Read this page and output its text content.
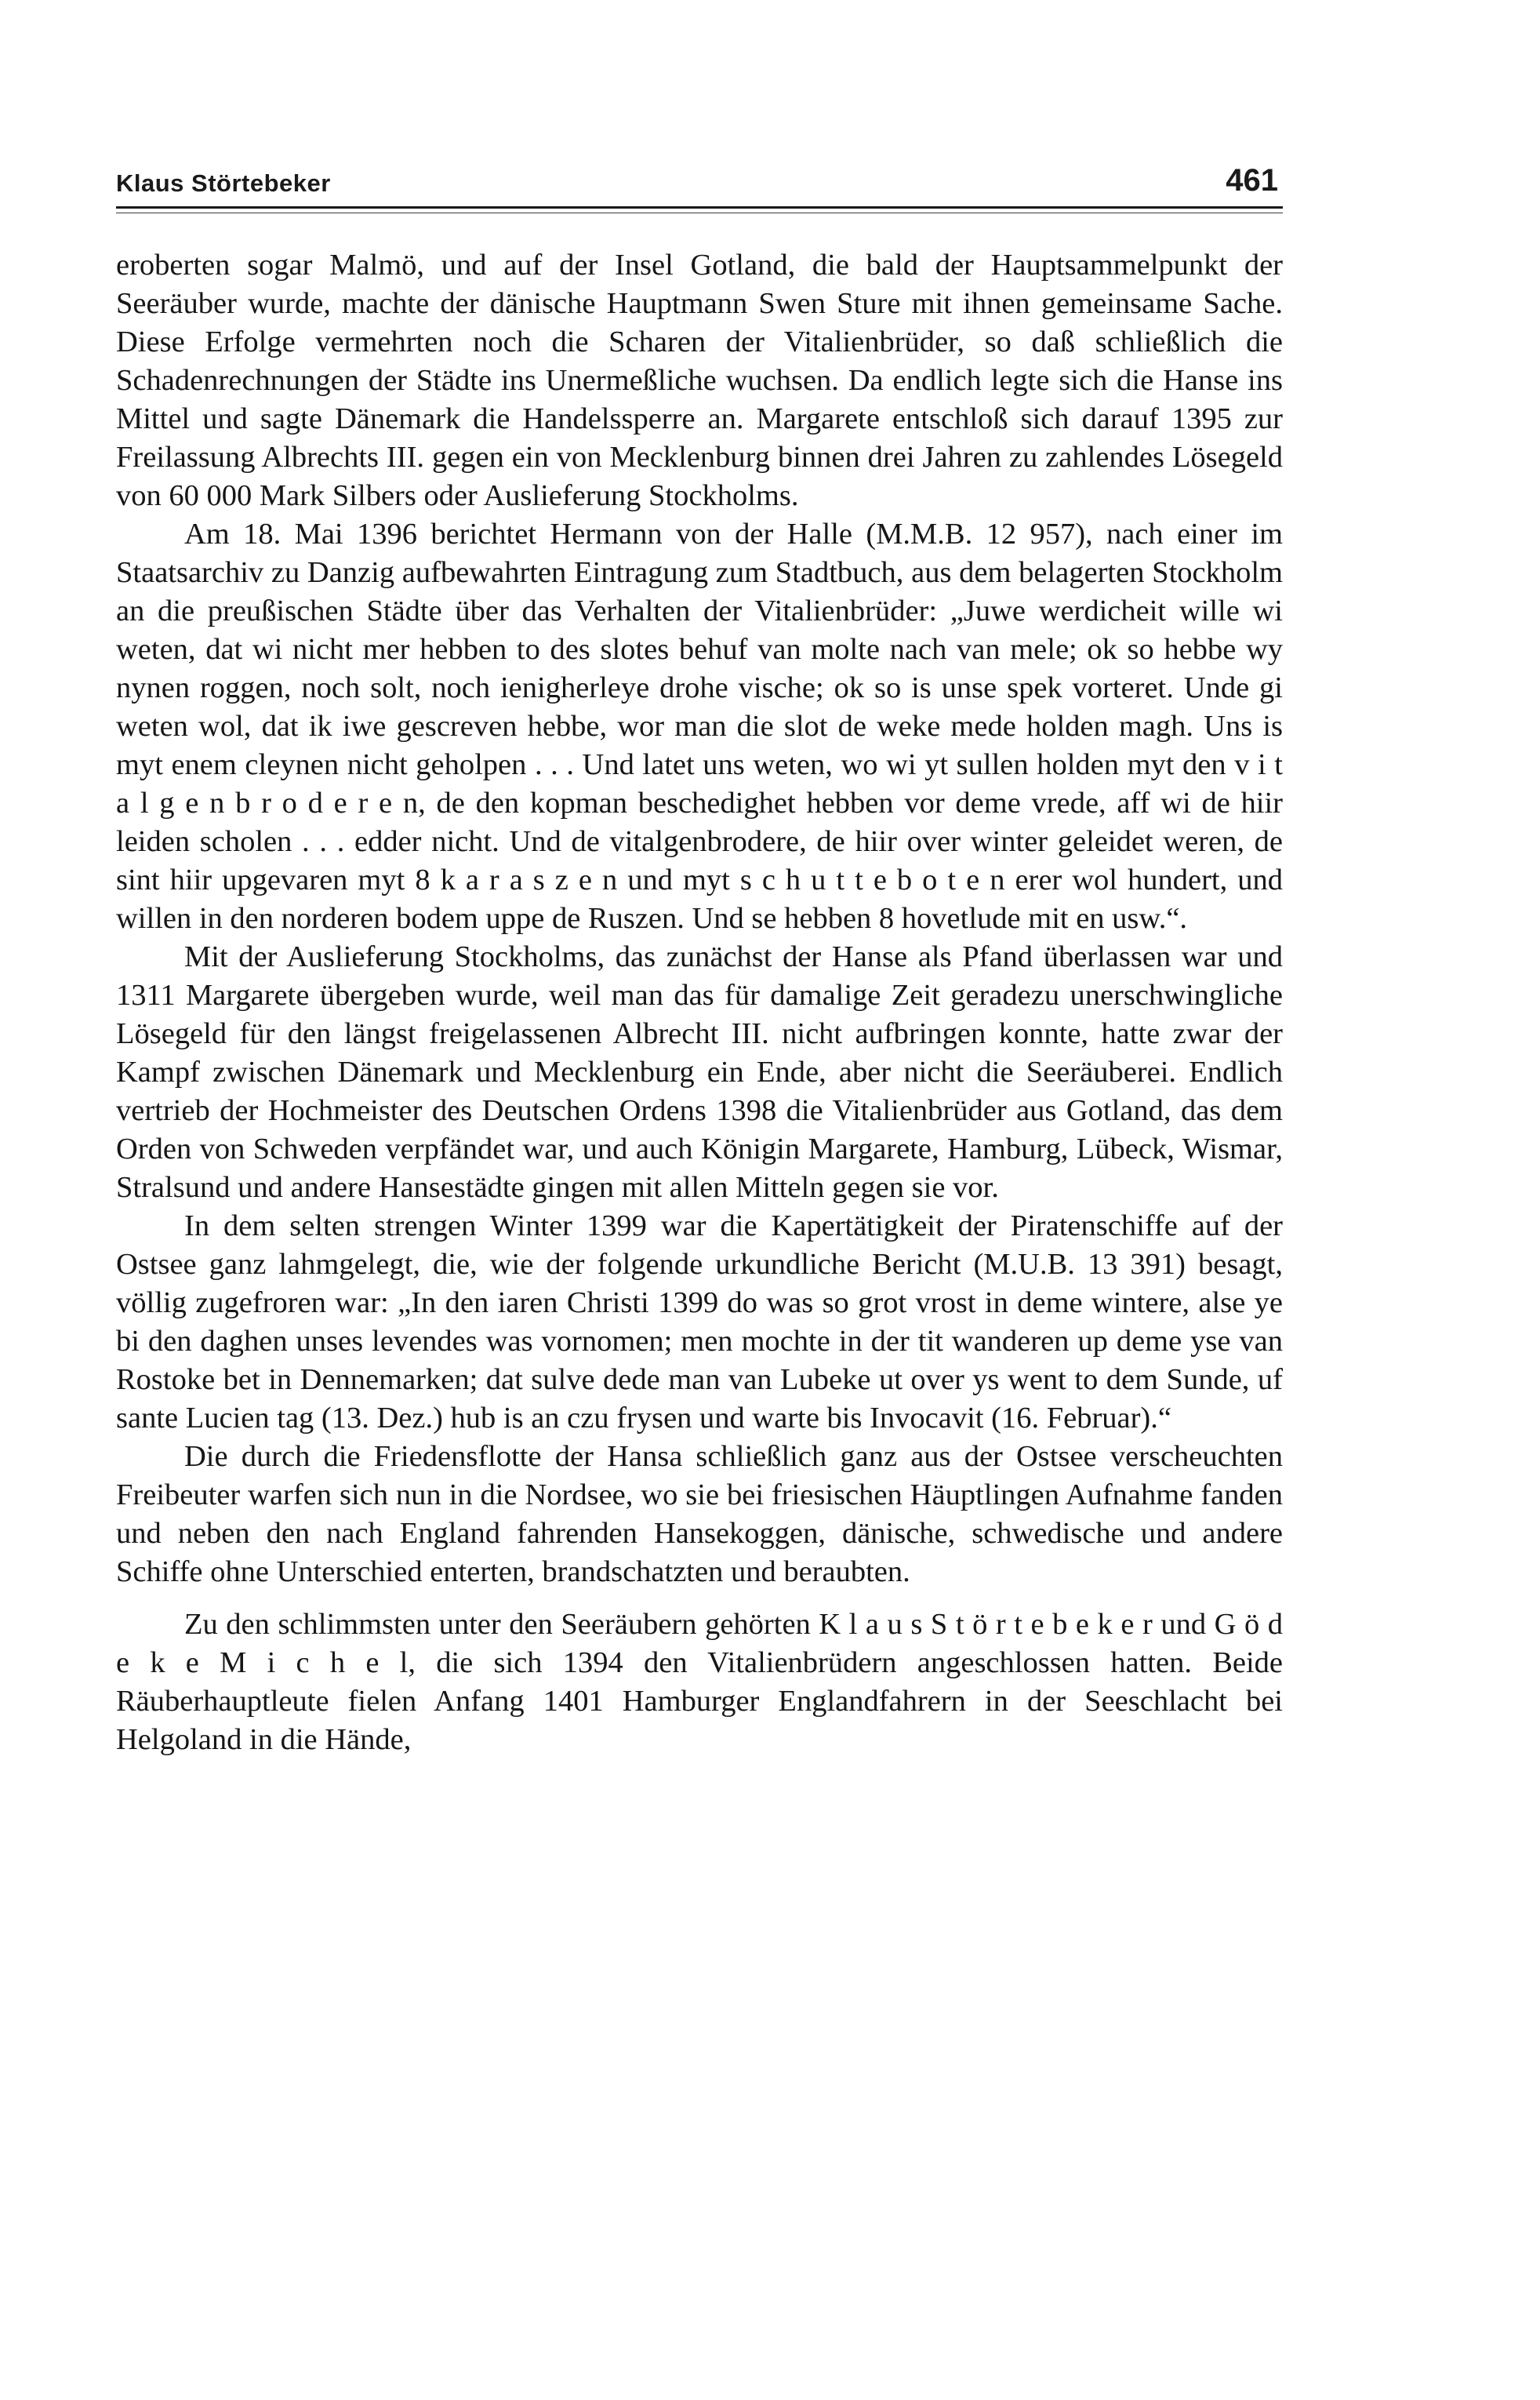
Klaus Störtebeker	461

eroberten sogar Malmö, und auf der Insel Gotland, die bald der Hauptsammelpunkt der Seeräuber wurde, machte der dänische Hauptmann Swen Sture mit ihnen gemeinsame Sache. Diese Erfolge vermehrten noch die Scharen der Vitalienbrüder, so daß schließlich die Schadenrechnungen der Städte ins Unermeßliche wuchsen. Da endlich legte sich die Hanse ins Mittel und sagte Dänemark die Handelssperre an. Margarete entschloß sich darauf 1395 zur Freilassung Albrechts III. gegen ein von Mecklenburg binnen drei Jahren zu zahlendes Lösegeld von 60 000 Mark Silbers oder Auslieferung Stockholms.

Am 18. Mai 1396 berichtet Hermann von der Halle (M.M.B. 12 957), nach einer im Staatsarchiv zu Danzig aufbewahrten Eintragung zum Stadtbuch, aus dem belagerten Stockholm an die preußischen Städte über das Verhalten der Vitalienbrüder: „Juwe werdicheit wille wi weten, dat wi nicht mer hebben to des slotes behuf van molte nach van mele; ok so hebbe wy nynen roggen, noch solt, noch ienigherleye drohe vische; ok so is unse spek vorteret. Unde gi weten wol, dat ik iwe gescreven hebbe, wor man die slot de weke mede holden magh. Uns is myt enem cleynen nicht geholpen . . . Und latet uns weten, wo wi yt sullen holden myt den v i t a l g e n b r o d e r e n, de den kopman beschedighet hebben vor deme vrede, aff wi de hiir leiden scholen . . . edder nicht. Und de vitalgenbrodere, de hiir over winter geleidet weren, de sint hiir upgevaren myt 8 k a r a s z e n und myt s c h u t t e b o t e n erer wol hundert, und willen in den norderen bodem uppe de Ruszen. Und se hebben 8 hovetlude mit en usw.“.

Mit der Auslieferung Stockholms, das zunächst der Hanse als Pfand überlassen war und 1311 Margarete übergeben wurde, weil man das für damalige Zeit geradezu unerschwingliche Lösegeld für den längst freigelassenen Albrecht III. nicht aufbringen konnte, hatte zwar der Kampf zwischen Dänemark und Mecklenburg ein Ende, aber nicht die Seeräuberei. Endlich vertrieb der Hochmeister des Deutschen Ordens 1398 die Vitalienbrüder aus Gotland, das dem Orden von Schweden verpfändet war, und auch Königin Margarete, Hamburg, Lübeck, Wismar, Stralsund und andere Hansestädte gingen mit allen Mitteln gegen sie vor.

In dem selten strengen Winter 1399 war die Kapertätigkeit der Piratenschiffe auf der Ostsee ganz lahmgelegt, die, wie der folgende urkundliche Bericht (M.U.B. 13 391) besagt, völlig zugefroren war: „In den iaren Christi 1399 do was so grot vrost in deme wintere, alse ye bi den daghen unses levendes was vornomen; men mochte in der tit wanderen up deme yse van Rostoke bet in Dennemarken; dat sulve dede man van Lubeke ut over ys went to dem Sunde, uf sante Lucien tag (13. Dez.) hub is an czu frysen und warte bis Invocavit (16. Februar).“

Die durch die Friedensflotte der Hansa schließlich ganz aus der Ostsee verscheuchten Freibeuter warfen sich nun in die Nordsee, wo sie bei friesischen Häuptlingen Aufnahme fanden und neben den nach England fahrenden Hansekoggen, dänische, schwedische und andere Schiffe ohne Unterschied enterten, brandschatzten und beraubten.

Zu den schlimmsten unter den Seeräubern gehörten K l a u s S t ö r t e b e k e r und G ö d e k e M i c h e l, die sich 1394 den Vitalienbrüdern angeschlossen hatten. Beide Räuberhauptleute fielen Anfang 1401 Hamburger Englandfahrern in der Seeschlacht bei Helgoland in die Hände,
